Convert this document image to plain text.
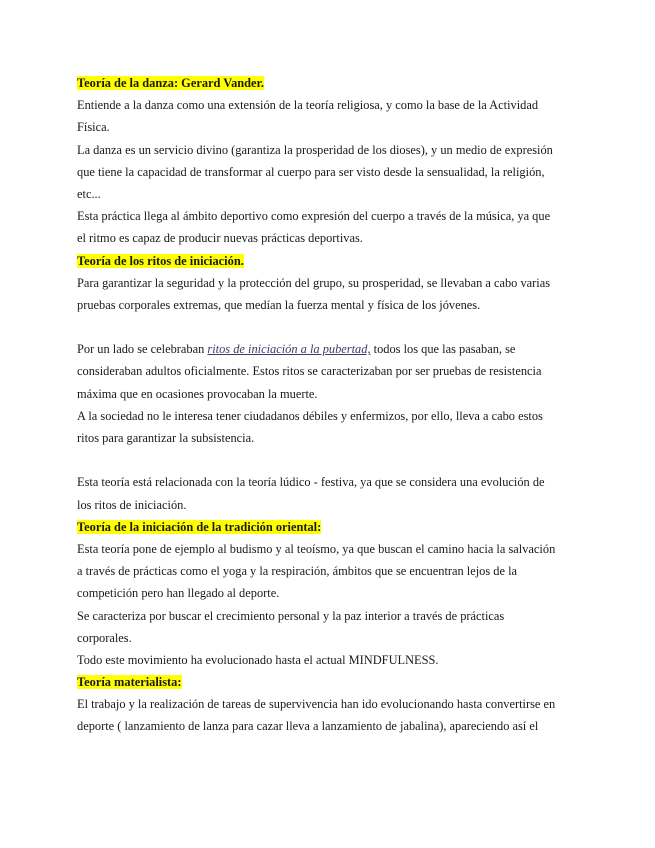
Teoría de la danza: Gerard Vander.
Entiende a la danza como una extensión de la teoría religiosa, y como la base de la Actividad
Física.
La danza es un servicio divino (garantiza la prosperidad de los dioses), y un medio de expresión
que tiene la capacidad de transformar al cuerpo para ser visto desde la sensualidad, la religión,
etc...
Esta práctica llega al ámbito deportivo como expresión del cuerpo a través de la música, ya que
el ritmo es capaz de producir nuevas prácticas deportivas.
Teoría de los ritos de iniciación.
Para garantizar la seguridad y la protección del grupo, su prosperidad, se llevaban a cabo varias
pruebas corporales extremas, que medían la fuerza mental y física de los jóvenes.
Por un lado se celebraban ritos de iniciación a la pubertad, todos los que las pasaban, se
consideraban adultos oficialmente. Estos ritos se caracterizaban por ser pruebas de resistencia
máxima que en ocasiones provocaban la muerte.
A la sociedad no le interesa tener ciudadanos débiles y enfermizos, por ello, lleva a cabo estos
ritos para garantizar la subsistencia.
Esta teoría está relacionada con la teoría lúdico - festiva, ya que se considera una evolución de
los ritos de iniciación.
Teoría de la iniciación de la tradición oriental:
Esta teoría pone de ejemplo al budismo y al teoísmo, ya que buscan el camino hacia la salvación
a través de prácticas como el yoga y la respiración, ámbitos que se encuentran lejos de la
competición pero han llegado al deporte.
Se caracteriza por buscar el crecimiento personal y la paz interior a través de prácticas
corporales.
Todo este movimiento ha evolucionado hasta el actual MINDFULNESS.
Teoría materialista:
El trabajo y la realización de tareas de supervivencia han ido evolucionando hasta convertirse en
deporte ( lanzamiento de lanza para cazar lleva a lanzamiento de jabalina), apareciendo así el
